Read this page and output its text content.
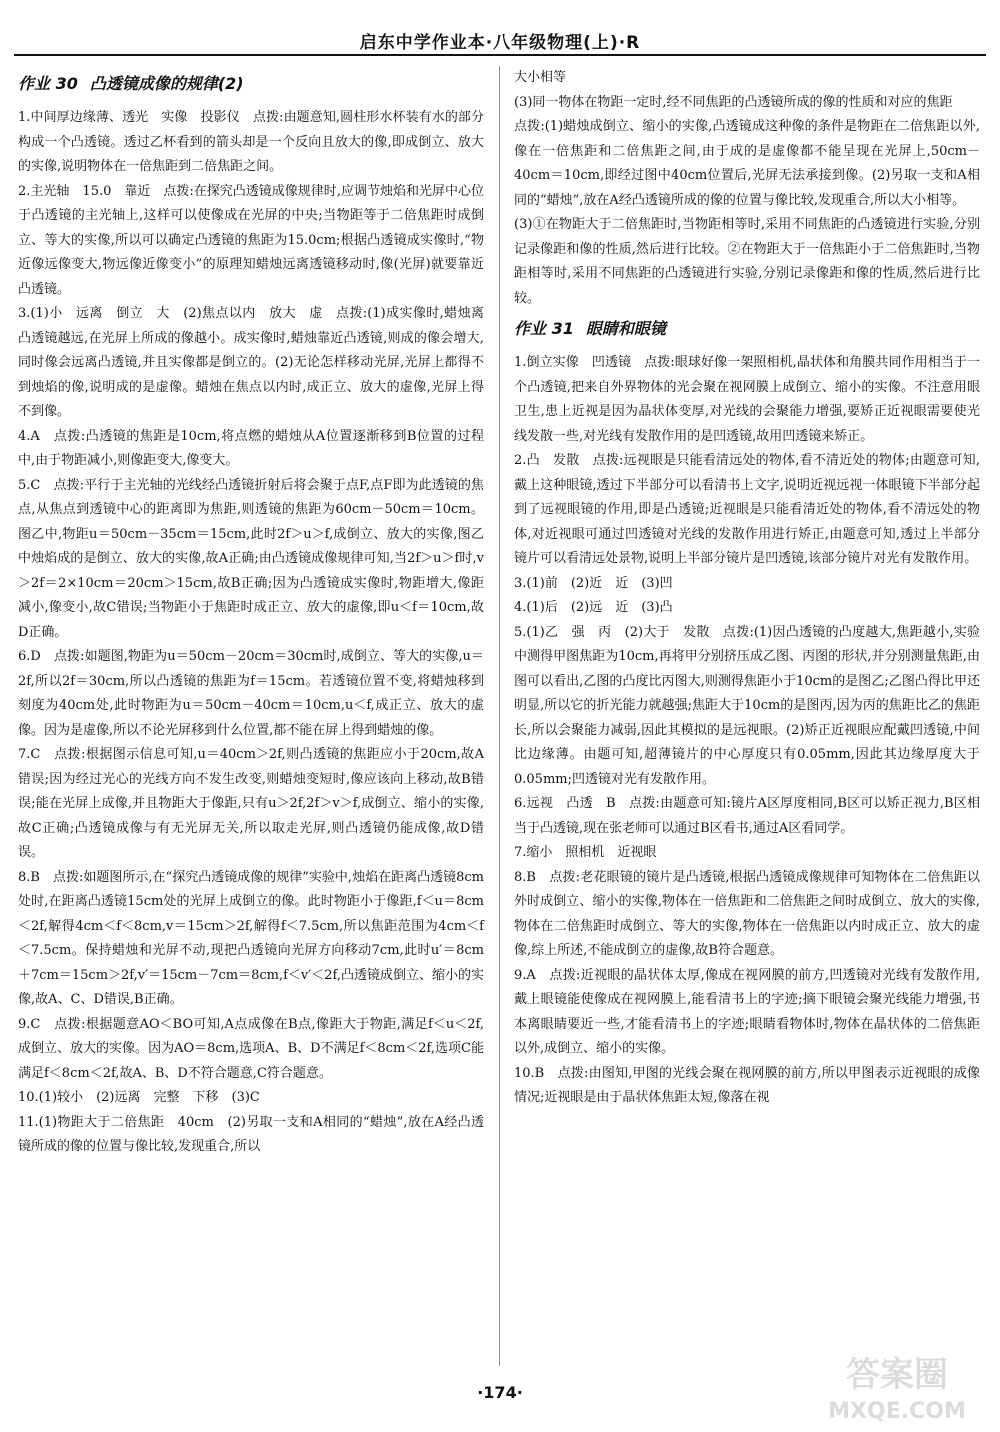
启东中学作业本·八年级物理(上)·R
作业 30 凸透镜成像的规律(2)

1.中间厚边缘薄、透光　实像　投影仪　点拨:由题意知,圆柱形水杯装有水的部分构成一个凸透镜。透过乙杯看到的箭头却是一个反向且放大的像,即成倒立、放大的实像,说明物体在一倍焦距到二倍焦距之间。

2.主光轴　15.0　靠近　点拨:在探究凸透镜成像规律时,应调节烛焰和光屏中心位于凸透镜的主光轴上,这样可以使像成在光屏的中央;当物距等于二倍焦距时成倒立、等大的实像,所以可以确定凸透镜的焦距为15.0cm;根据凸透镜成实像时,“物近像远像变大,物远像近像变小”的原理知蜡烛远离透镜移动时,像(光屏)就要靠近凸透镜。

3.(1)小　远离　倒立　大　(2)焦点以内　放大　虚　点拨:(1)成实像时,蜡烛离凸透镜越远,在光屏上所成的像越小。成实像时,蜡烛靠近凸透镜,则成的像会增大,同时像会远离凸透镜,并且实像都是倒立的。(2)无论怎样移动光屏,光屏上都得不到烛焰的像,说明成的是虚像。蜡烛在焦点以内时,成正立、放大的虚像,光屏上得不到像。

4.A　点拨:凸透镜的焦距是10cm,将点燃的蜡烛从A位置逐渐移到B位置的过程中,由于物距减小,则像距变大,像变大。

5.C　点拨:平行于主光轴的光线经凸透镜折射后将会聚于点F,点F即为此透镜的焦点,从焦点到透镜中心的距离即为焦距,则透镜的焦距为60cm－50cm＝10cm。图乙中,物距u＝50cm－35cm＝15cm,此时2f＞u＞f,成倒立、放大的实像,图乙中烛焰成的是倒立、放大的实像,故A正确;由凸透镜成像规律可知,当2f＞u＞f时,v＞2f＝2×10cm＝20cm＞15cm,故B正确;因为凸透镜成实像时,物距增大,像距减小,像变小,故C错误;当物距小于焦距时成正立、放大的虚像,即u＜f＝10cm,故D正确。

6.D　点拨:如题图,物距为u＝50cm－20cm＝30cm时,成倒立、等大的实像,u＝2f,所以2f＝30cm,所以凸透镜的焦距为f＝15cm。若透镜位置不变,将蜡烛移到刻度为40cm处,此时物距为u＝50cm－40cm＝10cm,u＜f,成正立、放大的虚像。因为是虚像,所以不论光屏移到什么位置,都不能在屏上得到蜡烛的像。

7.C　点拨:根据图示信息可知,u＝40cm＞2f,则凸透镜的焦距应小于20cm,故A错误;因为经过光心的光线方向不发生改变,则蜡烛变短时,像应该向上移动,故B错误;能在光屏上成像,并且物距大于像距,只有u＞2f,2f＞v＞f,成倒立、缩小的实像,故C正确;凸透镜成像与有无光屏无关,所以取走光屏,则凸透镜仍能成像,故D错误。

8.B　点拨:如题图所示,在“探究凸透镜成像的规律”实验中,烛焰在距离凸透镜8cm处时,在距离凸透镜15cm处的光屏上成倒立的像。此时物距小于像距,f＜u＝8cm＜2f,解得4cm＜f＜8cm,v＝15cm＞2f,解得f＜7.5cm,所以焦距范围为4cm＜f＜7.5cm。保持蜡烛和光屏不动,现把凸透镜向光屏方向移动7cm,此时u′＝8cm＋7cm＝15cm＞2f,v′＝15cm－7cm＝8cm,f＜v′＜2f,凸透镜成倒立、缩小的实像,故A、C、D错误,B正确。

9.C　点拨:根据题意AO＜BO可知,A点成像在B点,像距大于物距,满足f＜u＜2f,成倒立、放大的实像。因为AO＝8cm,选项A、B、D不满足f＜8cm＜2f,选项C能满足f＜8cm＜2f,故A、B、D不符合题意,C符合题意。

10.(1)较小　(2)远离　完整　下移　(3)C

11.(1)物距大于二倍焦距　40cm　(2)另取一支和A相同的“蜡烛”,放在A经凸透镜所成的像的位置与像比较,发现重合,所以

大小相等

(3)同一物体在物距一定时,经不同焦距的凸透镜所成的像的性质和对应的焦距

点拨:(1)蜡烛成倒立、缩小的实像,凸透镜成这种像的条件是物距在二倍焦距以外,像在一倍焦距和二倍焦距之间,由于成的是虚像都不能呈现在光屏上,50cm－40cm＝10cm,即经过图中40cm位置后,光屏无法承接到像。(2)另取一支和A相同的“蜡烛”,放在A经凸透镜所成的像的位置与像比较,发现重合,所以大小相等。

(3)①在物距大于二倍焦距时,当物距相等时,采用不同焦距的凸透镜进行实验,分别记录像距和像的性质,然后进行比较。②在物距大于一倍焦距小于二倍焦距时,当物距相等时,采用不同焦距的凸透镜进行实验,分别记录像距和像的性质,然后进行比较。

作业 31 眼睛和眼镜

1.倒立实像　凹透镜　点拨:眼球好像一架照相机,晶状体和角膜共同作用相当于一个凸透镜,把来自外界物体的光会聚在视网膜上成倒立、缩小的实像。不注意用眼卫生,患上近视是因为晶状体变厚,对光线的会聚能力增强,要矫正近视眼需要使光线发散一些,对光线有发散作用的是凹透镜,故用凹透镜来矫正。

2.凸　发散　点拨:远视眼是只能看清远处的物体,看不清近处的物体;由题意可知,戴上这种眼镜,透过下半部分可以看清书上文字,说明近视远视一体眼镜下半部分起到了远视眼镜的作用,即是凸透镜;近视眼是只能看清近处的物体,看不清远处的物体,对近视眼可通过凹透镜对光线的发散作用进行矫正,由题意可知,透过上半部分镜片可以看清远处景物,说明上半部分镜片是凹透镜,该部分镜片对光有发散作用。

3.(1)前　(2)近　近　(3)凹

4.(1)后　(2)远　近　(3)凸

5.(1)乙　强　丙　(2)大于　发散　点拨:(1)因凸透镜的凸度越大,焦距越小,实验中测得甲图焦距为10cm,再将甲分别挤压成乙图、丙图的形状,并分别测量焦距,由图可以看出,乙图的凸度比丙图大,则测得焦距小于10cm的是图乙;乙图凸得比甲还明显,所以它的折光能力就越强;焦距大于10cm的是图丙,因为丙的焦距比乙的焦距长,所以会聚能力减弱,因此其模拟的是远视眼。(2)矫正近视眼应配戴凹透镜,中间比边缘薄。由题可知,超薄镜片的中心厚度只有0.05mm,因此其边缘厚度大于0.05mm;凹透镜对光有发散作用。

6.远视　凸透　B　点拨:由题意可知:镜片A区厚度相同,B区可以矫正视力,B区相当于凸透镜,现在张老师可以通过B区看书,通过A区看同学。

7.缩小　照相机　近视眼

8.B　点拨:老花眼镜的镜片是凸透镜,根据凸透镜成像规律可知物体在二倍焦距以外时成倒立、缩小的实像,物体在一倍焦距和二倍焦距之间时成倒立、放大的实像,物体在二倍焦距时成倒立、等大的实像,物体在一倍焦距以内时成正立、放大的虚像,综上所述,不能成倒立的虚像,故B符合题意。

9.A　点拨:近视眼的晶状体太厚,像成在视网膜的前方,凹透镜对光线有发散作用,戴上眼镜能使像成在视网膜上,能看清书上的字迹;摘下眼镜会聚光线能力增强,书本离眼睛要近一些,才能看清书上的字迹;眼睛看物体时,物体在晶状体的二倍焦距以外,成倒立、缩小的实像。

10.B　点拨:由图知,甲图的光线会聚在视网膜的前方,所以甲图表示近视眼的成像情况;近视眼是由于晶状体焦距太短,像落在视

·174·	答案圈
MXQE.COM
